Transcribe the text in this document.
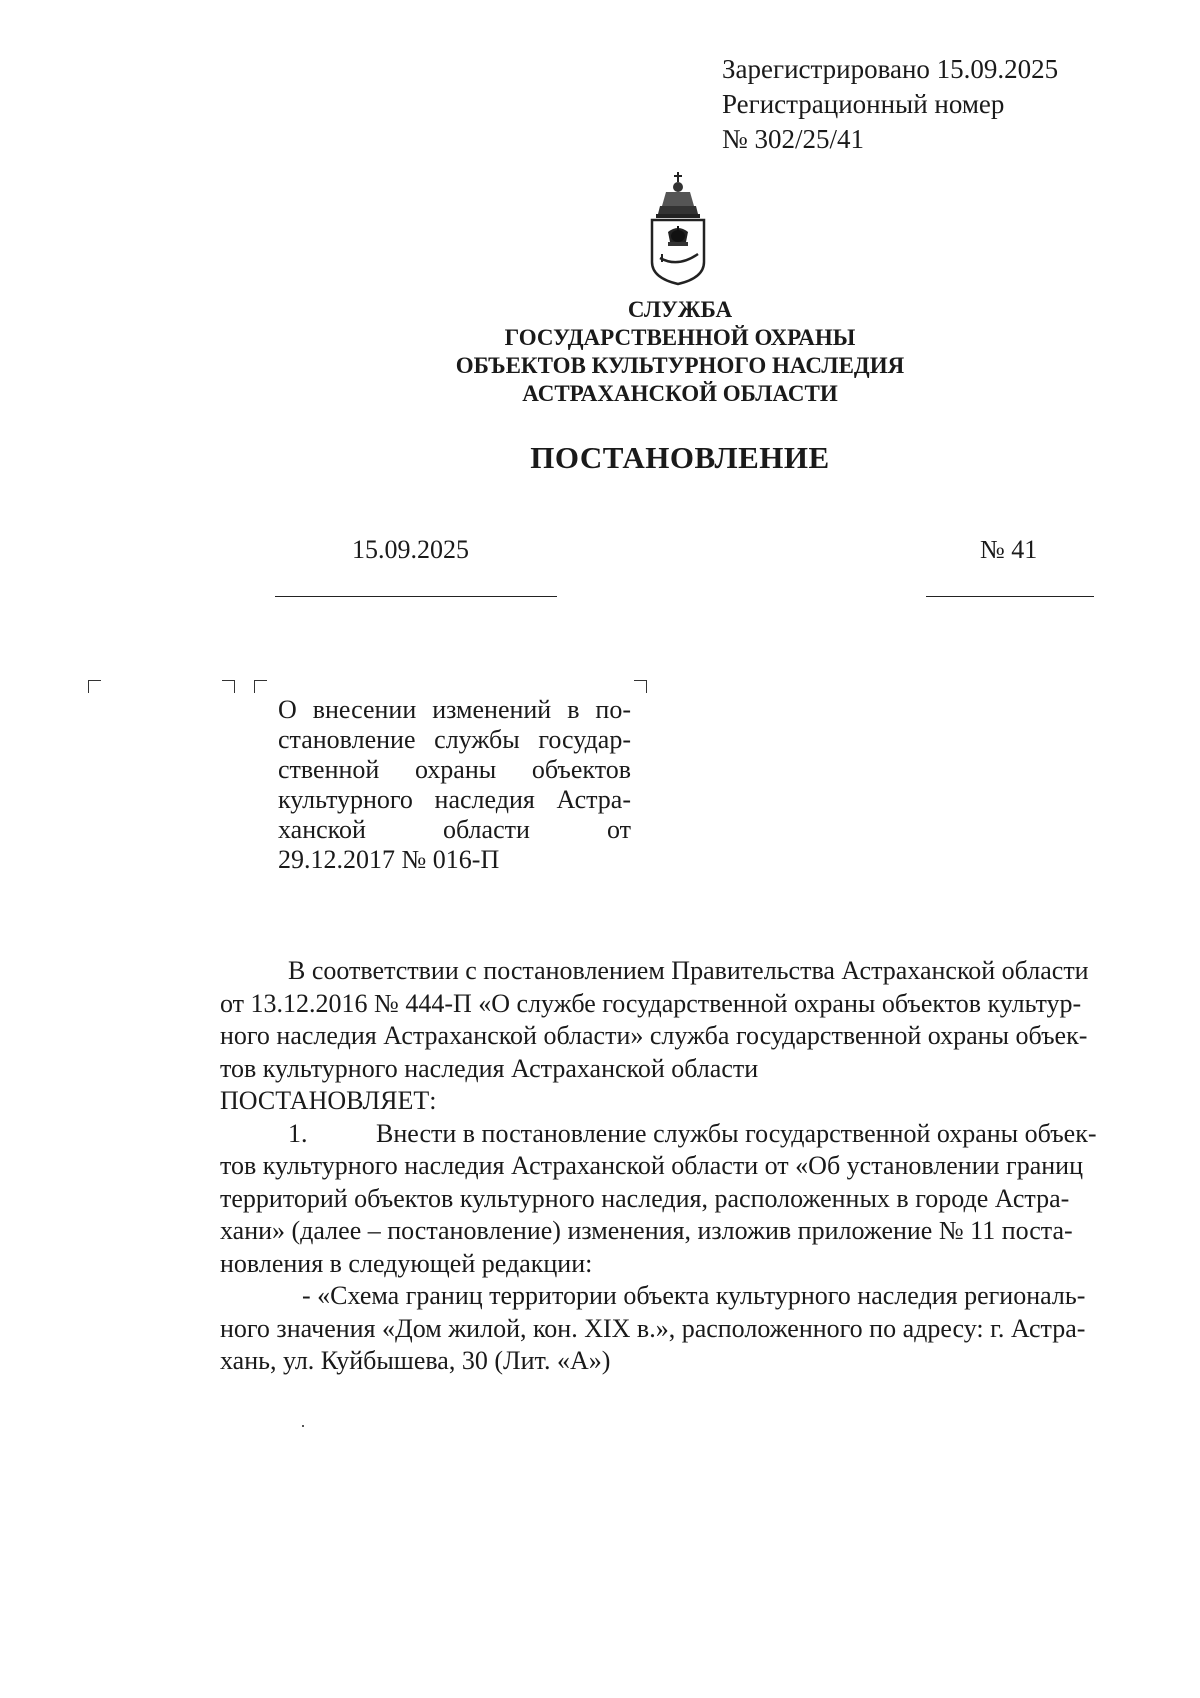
Зарегистрировано 15.09.2025
Регистрационный номер
№ 302/25/41
СЛУЖБА
ГОСУДАРСТВЕННОЙ ОХРАНЫ
ОБЪЕКТОВ КУЛЬТУРНОГО НАСЛЕДИЯ
АСТРАХАНСКОЙ ОБЛАСТИ
ПОСТАНОВЛЕНИЕ
15.09.2025	№ 41
О внесении изменений в по-
становление службы государ-
ственной охраны объектов
культурного наследия Астра-
ханской	области	от
29.12.2017 № 016-П
В соответствии с постановлением Правительства Астраханской области
от 13.12.2016 № 444-П «О службе государственной охраны объектов культур-
ного наследия Астраханской области» служба государственной охраны объек-
тов культурного наследия Астраханской области
ПОСТАНОВЛЯЕТ:
1.	Внести в постановление службы государственной охраны объек-
тов культурного наследия Астраханской области от «Об установлении границ
территорий объектов культурного наследия, расположенных в городе Астра-
хани» (далее – постановление) изменения, изложив приложение № 11 поста-
новления в следующей редакции:
- «Схема границ территории объекта культурного наследия региональ-
ного значения «Дом жилой, кон. XIX в.», расположенного по адресу: г. Астра-
хань, ул. Куйбышева, 30 (Лит. «А»)
